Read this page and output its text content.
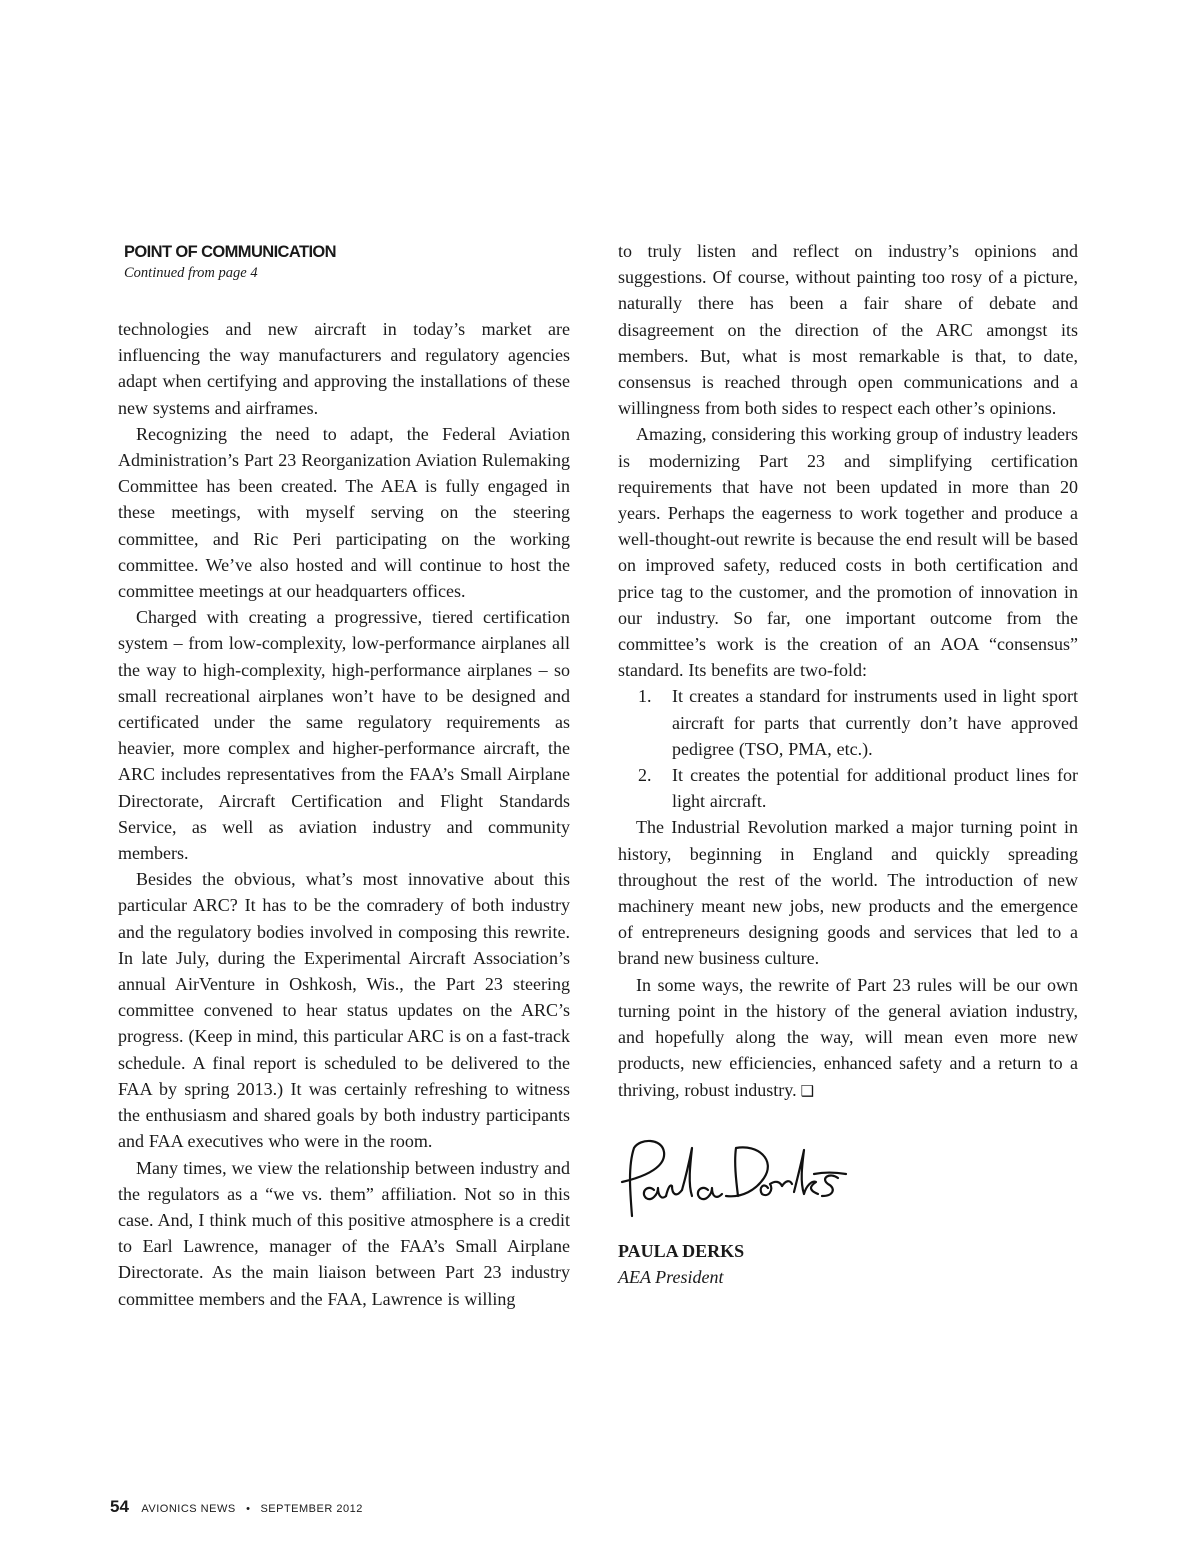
POINT OF COMMUNICATION
Continued from page 4

technologies and new aircraft in today’s market are influencing the way manufacturers and regulatory agencies adapt when certifying and approving the installations of these new systems and airframes.

Recognizing the need to adapt, the Federal Aviation Administration’s Part 23 Reorganization Aviation Rulemaking Committee has been created. The AEA is fully engaged in these meetings, with myself serving on the steering committee, and Ric Peri participating on the working committee. We’ve also hosted and will continue to host the committee meetings at our headquarters offices.

Charged with creating a progressive, tiered certification system – from low-complexity, low-performance airplanes all the way to high-complexity, high-performance airplanes – so small recreational airplanes won’t have to be designed and certificated under the same regulatory requirements as heavier, more complex and higher-performance aircraft, the ARC includes representatives from the FAA’s Small Airplane Directorate, Aircraft Certification and Flight Standards Service, as well as aviation industry and community members.

Besides the obvious, what’s most innovative about this particular ARC? It has to be the comradery of both industry and the regulatory bodies involved in composing this rewrite. In late July, during the Experimental Aircraft Association’s annual AirVenture in Oshkosh, Wis., the Part 23 steering committee convened to hear status updates on the ARC’s progress. (Keep in mind, this particular ARC is on a fast-track schedule. A final report is scheduled to be delivered to the FAA by spring 2013.) It was certainly refreshing to witness the enthusiasm and shared goals by both industry participants and FAA executives who were in the room.

Many times, we view the relationship between industry and the regulators as a “we vs. them” affiliation. Not so in this case. And, I think much of this positive atmosphere is a credit to Earl Lawrence, manager of the FAA’s Small Airplane Directorate. As the main liaison between Part 23 industry committee members and the FAA, Lawrence is willing

to truly listen and reflect on industry’s opinions and suggestions. Of course, without painting too rosy of a picture, naturally there has been a fair share of debate and disagreement on the direction of the ARC amongst its members. But, what is most remarkable is that, to date, consensus is reached through open communications and a willingness from both sides to respect each other’s opinions.

Amazing, considering this working group of industry leaders is modernizing Part 23 and simplifying certification requirements that have not been updated in more than 20 years. Perhaps the eagerness to work together and produce a well-thought-out rewrite is because the end result will be based on improved safety, reduced costs in both certification and price tag to the customer, and the promotion of innovation in our industry. So far, one important outcome from the committee’s work is the creation of an AOA “consensus” standard. Its benefits are two-fold:

1. It creates a standard for instruments used in light sport aircraft for parts that currently don’t have approved pedigree (TSO, PMA, etc.).
2. It creates the potential for additional product lines for light aircraft.

The Industrial Revolution marked a major turning point in history, beginning in England and quickly spreading throughout the rest of the world. The introduction of new machinery meant new jobs, new products and the emergence of entrepreneurs designing goods and services that led to a brand new business culture.

In some ways, the rewrite of Part 23 rules will be our own turning point in the history of the general aviation industry, and hopefully along the way, will mean even more new products, new efficiencies, enhanced safety and a return to a thriving, robust industry. ❑

PAULA DERKS
AEA President
54 AVIONICS NEWS • SEPTEMBER 2012
